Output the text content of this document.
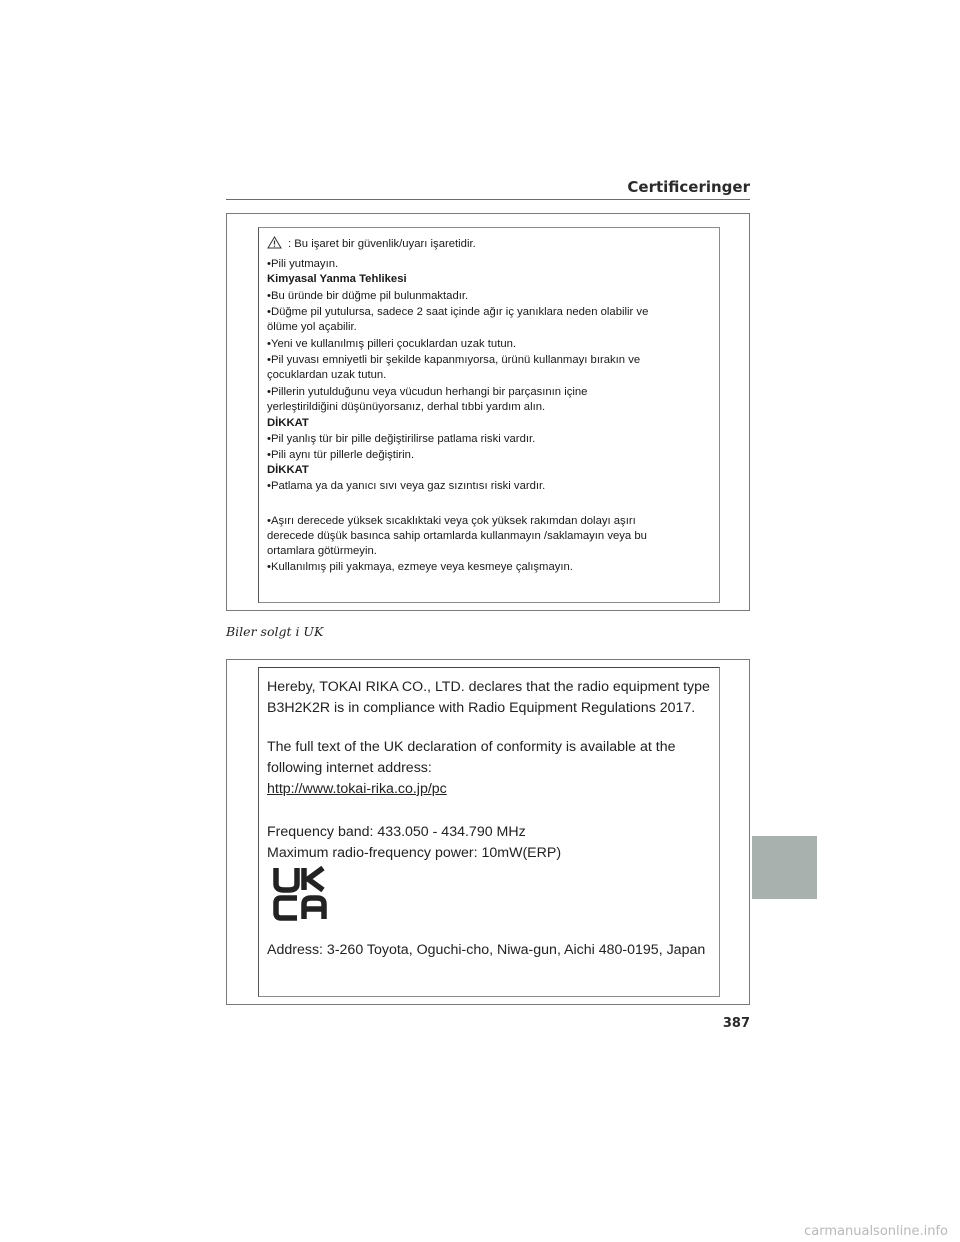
Certificeringer
: Bu işaret bir güvenlik/uyarı işaretidir.
•Pili yutmayın.
Kimyasal Yanma Tehlikesi
•Bu üründe bir düğme pil bulunmaktadır.
•Düğme pil yutulursa, sadece 2 saat içinde ağır iç yanıklara neden olabilir ve
ölüme yol açabilir.
•Yeni ve kullanılmış pilleri çocuklardan uzak tutun.
•Pil yuvası emniyetli bir şekilde kapanmıyorsa, ürünü kullanmayı bırakın ve
çocuklardan uzak tutun.
•Pillerin yutulduğunu veya vücudun herhangi bir parçasının içine
yerleştirildiğini düşünüyorsanız, derhal tıbbi yardım alın.
DİKKAT
•Pil yanlış tür bir pille değiştirilirse patlama riski vardır.
•Pili aynı tür pillerle değiştirin.
DİKKAT
•Patlama ya da yanıcı sıvı veya gaz sızıntısı riski vardır.
•Aşırı derecede yüksek sıcaklıktaki veya çok yüksek rakımdan dolayı aşırı
derecede düşük basınca sahip ortamlarda kullanmayın /saklamayın veya bu
ortamlara götürmeyin.
•Kullanılmış pili yakmaya, ezmeye veya kesmeye çalışmayın.
Biler solgt i UK

Hereby, TOKAI RIKA CO., LTD. declares that the radio equipment type

B3H2K2R is in compliance with Radio Equipment Regulations 2017.

The full text of the UK declaration of conformity is available at the

following internet address:

http://www.tokai-rika.co.jp/pc

Frequency band: 433.050 - 434.790 MHz

Maximum radio-frequency power: 10mW(ERP)

Address: 3-260 Toyota, Oguchi-cho, Niwa-gun, Aichi 480-0195, Japan
387
carmanualsonline.info
